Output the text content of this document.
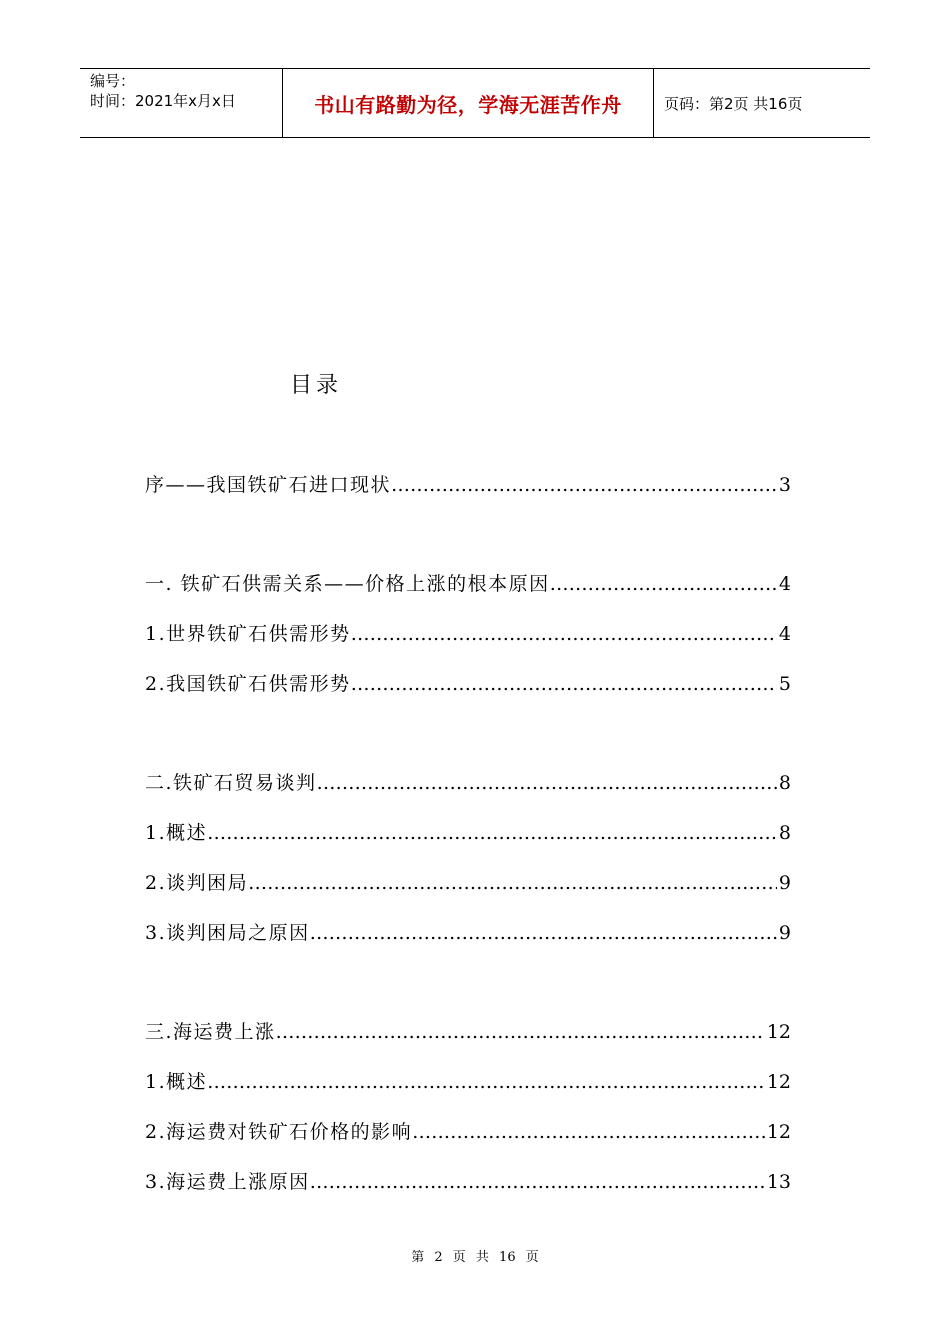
编号：
时间：2021年x月x日	书山有路勤为径，学海无涯苦作舟	页码：第2页 共16页
目录
序——我国铁矿石进口现状 ……………………………………………………………………………………………………………	3
一. 铁矿石供需关系——价格上涨的根本原因 ……………………………………………………………………………………………………………	4
1.世界铁矿石供需形势 ……………………………………………………………………………………………………………	4
2.我国铁矿石供需形势 ……………………………………………………………………………………………………………	5
二.铁矿石贸易谈判 ……………………………………………………………………………………………………………	8
1.概述 ……………………………………………………………………………………………………………	8
2.谈判困局 ……………………………………………………………………………………………………………	9
3.谈判困局之原因 ……………………………………………………………………………………………………………	9
三.海运费上涨 ……………………………………………………………………………………………………………	12
1.概述 ……………………………………………………………………………………………………………	12
2.海运费对铁矿石价格的影响 ……………………………………………………………………………………………………………	12
3.海运费上涨原因 ……………………………………………………………………………………………………………	13
第 2 页 共 16 页
